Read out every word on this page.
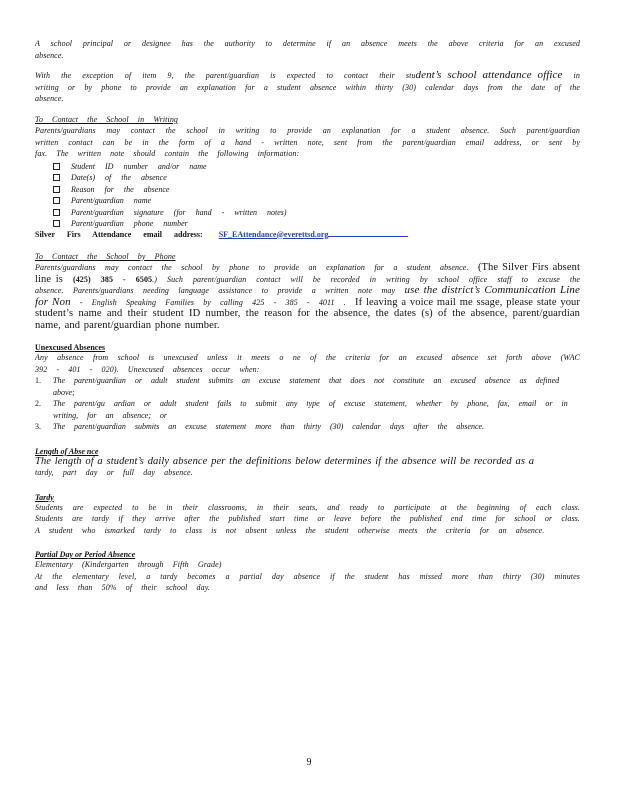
A school principal or designee has the authority to determine if an absence meets the above criteria for an excused absence.

With the exception of item 9, the parent/guardian is expected to contact their student’s school attendance office in writing or by phone to provide an explanation for a student absence within thirty (30) calendar days from the date of the absence.

To Contact the School in Writing

Parents/guardians may contact the school in writing to provide an explanation for a student absence. Such parent/guardian written contact can be in the form of a hand - written note, sent from the parent/guardian email address, or sent by fax. The written note should contain the following information:

Student ID number and/or name
Date(s) of the absence
Reason for the absence
Parent/guardian name
Parent/guardian signature (for hand - written notes)
Parent/guardian phone number

Silver Firs Attendance email address: SF_EAttendance@everettsd.org

To Contact the School by Phone

Parents/guardians may contact the school by phone to provide an explanation for a student absence. (The Silver Firs absent line is (425) 385 - 6505.) Such parent/guardian contact will be recorded in writing by school office staff to excuse the absence. Parents/guardians needing language assistance to provide a written note may use the district’s Communication Line for Non - English Speaking Families by calling 425 - 385 - 4011 . If leaving a voice mail me ssage, please state your student’s name and their student ID number, the reason for the absence, the dates (s) of the absence, parent/guardian name, and parent/guardian phone number.

Unexcused Absences

Any absence from school is unexcused unless it meets o ne of the criteria for an excused absence set forth above (WAC 392 - 401 - 020). Unexcused absences occur when:

1. The parent/guardian or adult student submits an excuse statement that does not constitute an excused absence as defined above;
2. The parent/gu ardian or adult student fails to submit any type of excuse statement, whether by phone, fax, email or in writing, for an absence; or
3. The parent/guardian submits an excuse statement more than thirty (30) calendar days after the absence.

Length of Abse nce

The length of a student’s daily absence per the definitions below determines if the absence will be recorded as a
tardy, part day or full day absence.

Tardy

Students are expected to be in their classrooms, in their seats, and ready to participate at the beginning of each class. Students are tardy if they arrive after the published start time or leave before the published end time for school or class. A student who ismarked tardy to class is not absent unless the student otherwise meets the criteria for an absence.

Partial Day or Period Absence

Elementary (Kindergarten through Fifth Grade)

At the elementary level, a tardy becomes a partial day absence if the student has missed more than thirty (30) minutes and less than 50% of their school day.

9
